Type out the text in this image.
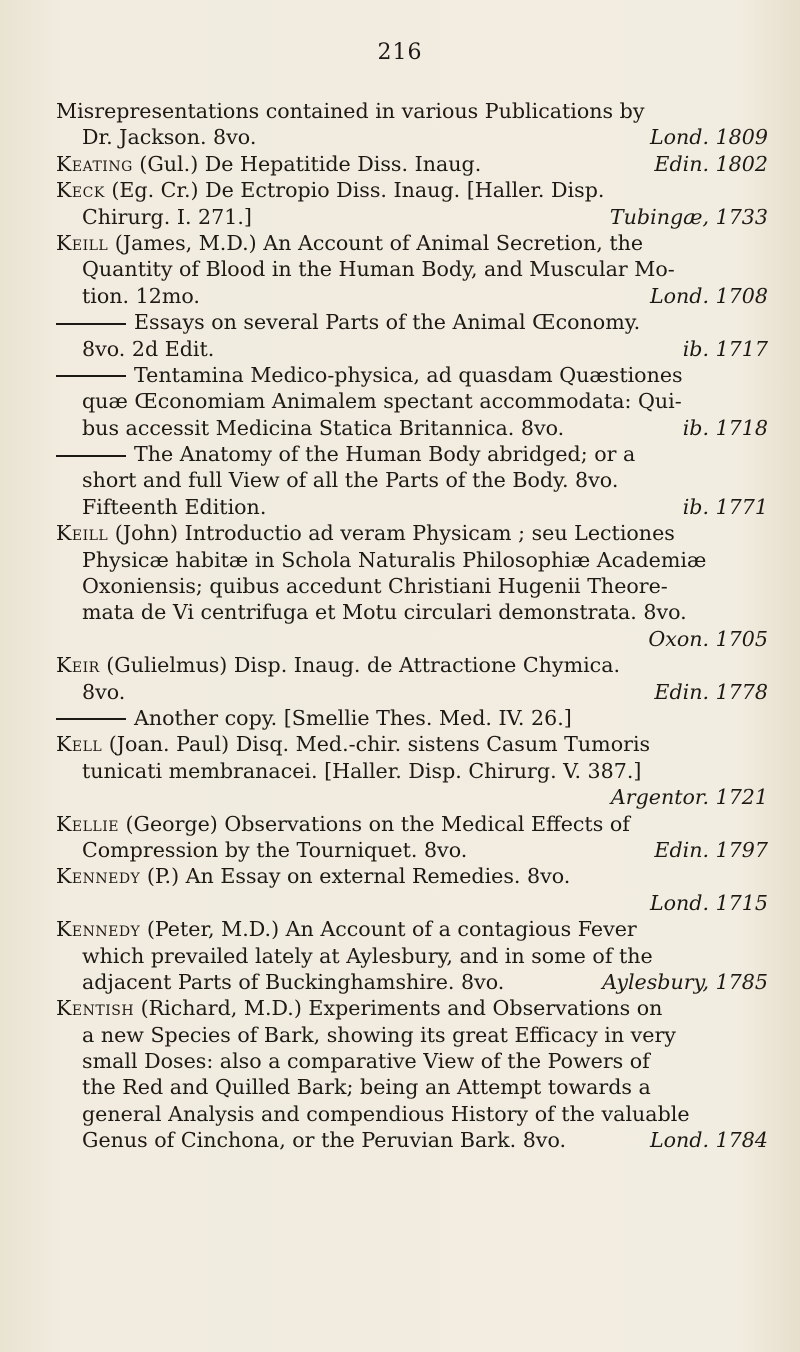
216
Misrepresentations contained in various Publications by
Dr. Jackson. 8vo.	Lond. 1809
Keating (Gul.) De Hepatitide Diss. Inaug.	Edin. 1802
Keck (Eg. Cr.) De Ectropio Diss. Inaug. [Haller. Disp.
Chirurg. I. 271.]	Tubingæ, 1733
Keill (James, M.D.) An Account of Animal Secretion, the
Quantity of Blood in the Human Body, and Muscular Mo-
tion. 12mo.	Lond. 1708
Essays on several Parts of the Animal Œconomy.
8vo. 2d Edit.	ib. 1717
Tentamina Medico-physica, ad quasdam Quæstiones
quæ Œconomiam Animalem spectant accommodata: Qui-
bus accessit Medicina Statica Britannica. 8vo.	ib. 1718
The Anatomy of the Human Body abridged; or a
short and full View of all the Parts of the Body. 8vo.
Fifteenth Edition.	ib. 1771
Keill (John) Introductio ad veram Physicam ; seu Lectiones
Physicæ habitæ in Schola Naturalis Philosophiæ Academiæ
Oxoniensis; quibus accedunt Christiani Hugenii Theore-
mata de Vi centrifuga et Motu circulari demonstrata. 8vo.
Oxon. 1705
Keir (Gulielmus) Disp. Inaug. de Attractione Chymica.
8vo.	Edin. 1778
Another copy. [Smellie Thes. Med. IV. 26.]
Kell (Joan. Paul) Disq. Med.-chir. sistens Casum Tumoris
tunicati membranacei. [Haller. Disp. Chirurg. V. 387.]
Argentor. 1721
Kellie (George) Observations on the Medical Effects of
Compression by the Tourniquet. 8vo.	Edin. 1797
Kennedy (P.) An Essay on external Remedies. 8vo.
Lond. 1715
Kennedy (Peter, M.D.) An Account of a contagious Fever
which prevailed lately at Aylesbury, and in some of the
adjacent Parts of Buckinghamshire. 8vo.	Aylesbury, 1785
Kentish (Richard, M.D.) Experiments and Observations on
a new Species of Bark, showing its great Efficacy in very
small Doses: also a comparative View of the Powers of
the Red and Quilled Bark; being an Attempt towards a
general Analysis and compendious History of the valuable
Genus of Cinchona, or the Peruvian Bark. 8vo.	Lond. 1784
